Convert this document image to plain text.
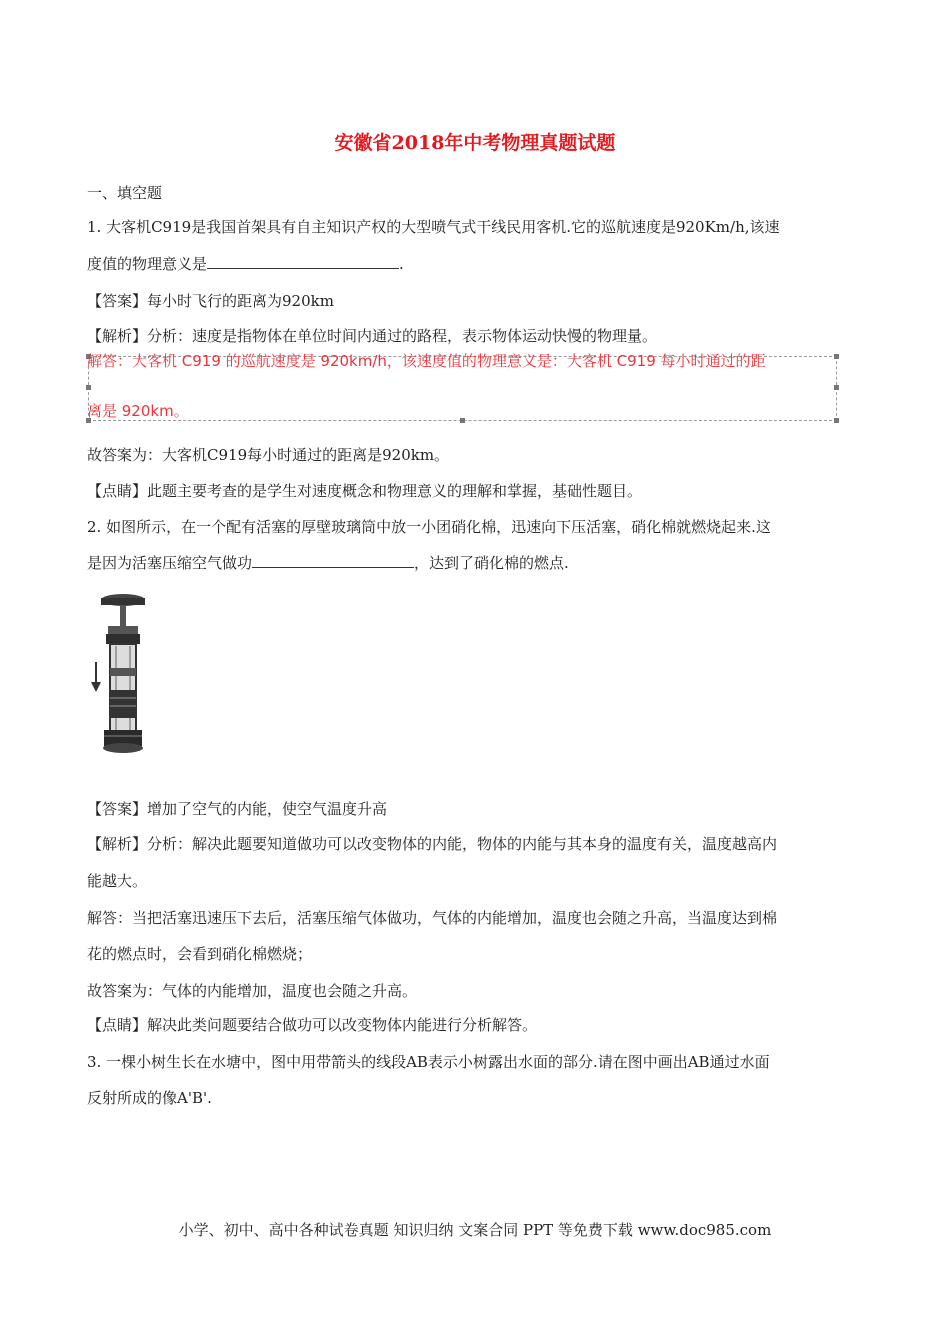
安徽省2018年中考物理真题试题
一、填空题
1. 大客机C919是我国首架具有自主知识产权的大型喷气式干线民用客机.它的巡航速度是920Km/h,该速
度值的物理意义是	.
【答案】每小时飞行的距离为920km
【解析】分析：速度是指物体在单位时间内通过的路程，表示物体运动快慢的物理量。
解答：大客机 C919 的巡航速度是 920km/h，该速度值的物理意义是：大客机 C919 每小时通过的距
离是 920km。
故答案为：大客机C919每小时通过的距离是920km。
【点睛】此题主要考查的是学生对速度概念和物理意义的理解和掌握，基础性题目。
2. 如图所示，在一个配有活塞的厚壁玻璃筒中放一小团硝化棉，迅速向下压活塞，硝化棉就燃烧起来.这
是因为活塞压缩空气做功	，达到了硝化棉的燃点.
【答案】增加了空气的内能，使空气温度升高
【解析】分析：解决此题要知道做功可以改变物体的内能，物体的内能与其本身的温度有关，温度越高内
能越大。
解答：当把活塞迅速压下去后，活塞压缩气体做功，气体的内能增加，温度也会随之升高，当温度达到棉
花的燃点时，会看到硝化棉燃烧；
故答案为：气体的内能增加，温度也会随之升高。
【点睛】解决此类问题要结合做功可以改变物体内能进行分析解答。
3. 一棵小树生长在水塘中，图中用带箭头的线段AB表示小树露出水面的部分.请在图中画出AB通过水面
反射所成的像A'B'.
小学、初中、高中各种试卷真题 知识归纳 文案合同 PPT 等免费下载 www.doc985.com
